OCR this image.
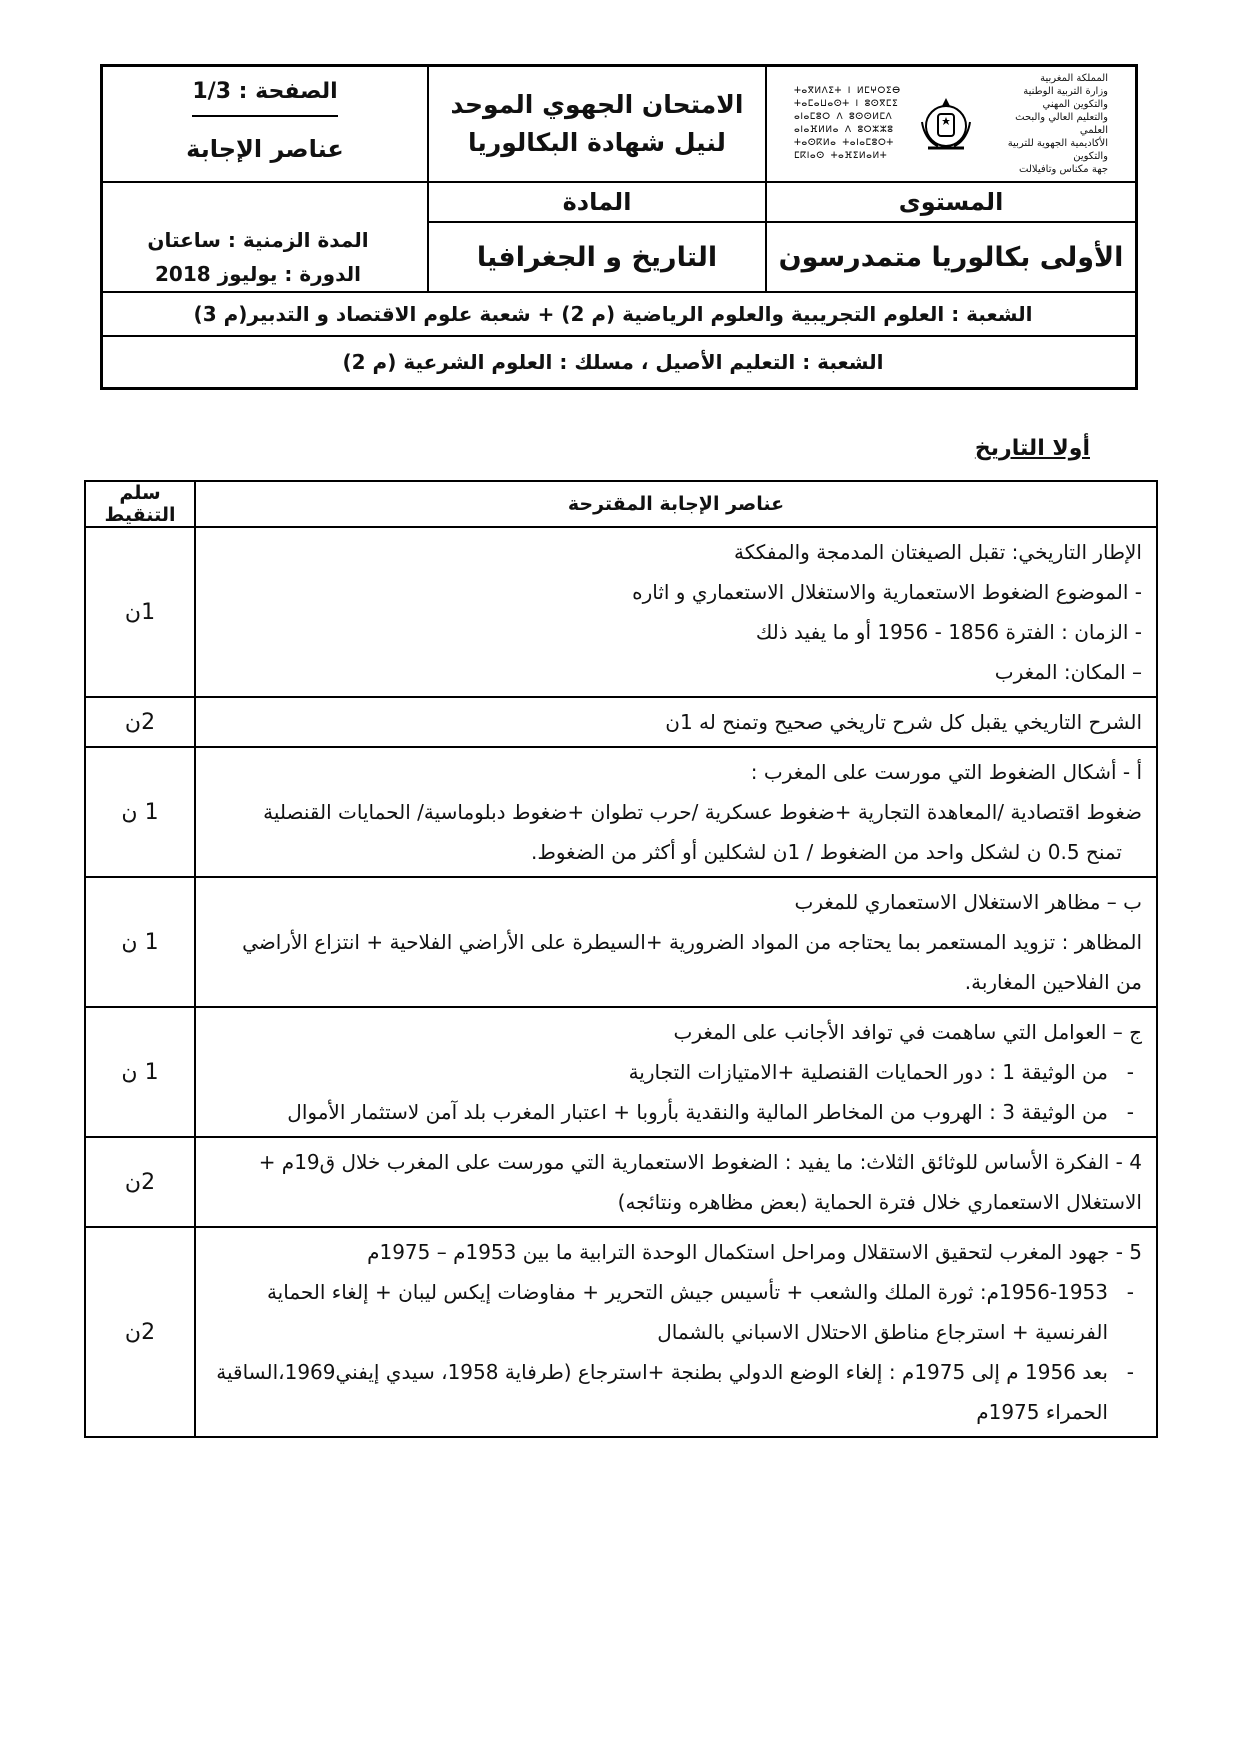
المملكة المغربية
وزارة التربية الوطنية
والتكوين المهني
والتعليم العالي والبحث العلمي
الأكاديمية الجهوية للتربية والتكوين
جهة مكناس وتافيلالت
ⵜⴰⴳⵍⴷⵉⵜ ⵏ ⵍⵎⵖⵔⵉⴱ
ⵜⴰⵎⴰⵡⴰⵙⵜ ⵏ ⵓⵙⴳⵎⵉ
ⴰⵏⴰⵎⵓⵔ ⴷ ⵓⵙⵙⵍⵎⴷ
ⴰⵏⴰⴼⵍⵍⴰ ⴷ ⵓⵔⵣⵣⵓ
ⵜⴰⵙⴽⵍⴰ ⵜⴰⵏⴰⵎⵓⵔⵜ
ⵎⴽⵏⴰⵙ ⵜⴰⴼⵉⵍⴰⵍⵜ
الامتحان الجهوي الموحد
لنيل شهادة البكالوريا
الصفحة : 1/3
عناصر الإجابة
المستوى
المادة
الأولى بكالوريا متمدرسون
التاريخ و الجغرافيا
المدة الزمنية : ساعتان
الدورة : يوليوز 2018
الشعبة : العلوم التجريبية والعلوم الرياضية (م 2) + شعبة علوم الاقتصاد و التدبير(م 3)
الشعبة : التعليم الأصيل ، مسلك : العلوم الشرعية (م 2)
أولا التاريخ
عناصر الإجابة المقترحة	سلم التنقيط

الإطار التاريخي: تقبل الصيغتان المدمجة والمفككة
- الموضوع الضغوط الاستعمارية والاستغلال الاستعماري و اثاره
- الزمان : الفترة 1856 - 1956 أو ما يفيد ذلك
– المكان: المغرب	1ن

الشرح التاريخي يقبل كل شرح تاريخي صحيح وتمنح له 1ن	2ن

أ - أشكال الضغوط التي مورست على المغرب :
ضغوط اقتصادية /المعاهدة التجارية +ضغوط عسكرية /حرب تطوان +ضغوط دبلوماسية/ الحمايات القنصلية
تمنح 0.5 ن لشكل واحد من الضغوط / 1ن لشكلين أو أكثر من الضغوط.	1 ن

ب – مظاهر الاستغلال الاستعماري للمغرب
المظاهر : تزويد المستعمر بما يحتاجه من المواد الضرورية +السيطرة على الأراضي الفلاحية + انتزاع الأراضي من الفلاحين المغاربة.	1 ن

ج – العوامل التي ساهمت في توافد الأجانب على المغرب
- من الوثيقة 1 : دور الحمايات القنصلية +الامتيازات التجارية
- من الوثيقة 3 : الهروب من المخاطر المالية والنقدية بأروبا + اعتبار المغرب بلد آمن لاستثمار الأموال	1 ن

4 - الفكرة الأساس للوثائق الثلاث: ما يفيد : الضغوط الاستعمارية التي مورست على المغرب خلال ق19م + الاستغلال الاستعماري خلال فترة الحماية (بعض مظاهره ونتائجه)	2ن

5 - جهود المغرب لتحقيق الاستقلال ومراحل استكمال الوحدة الترابية ما بين 1953م – 1975م
- 1956-1953م: ثورة الملك والشعب + تأسيس جيش التحرير + مفاوضات إيكس ليبان + إلغاء الحماية الفرنسية + استرجاع مناطق الاحتلال الاسباني بالشمال
- بعد 1956 م إلى 1975م : إلغاء الوضع الدولي بطنجة +استرجاع (طرفاية 1958، سيدي إيفني1969،الساقية الحمراء 1975م	2ن
